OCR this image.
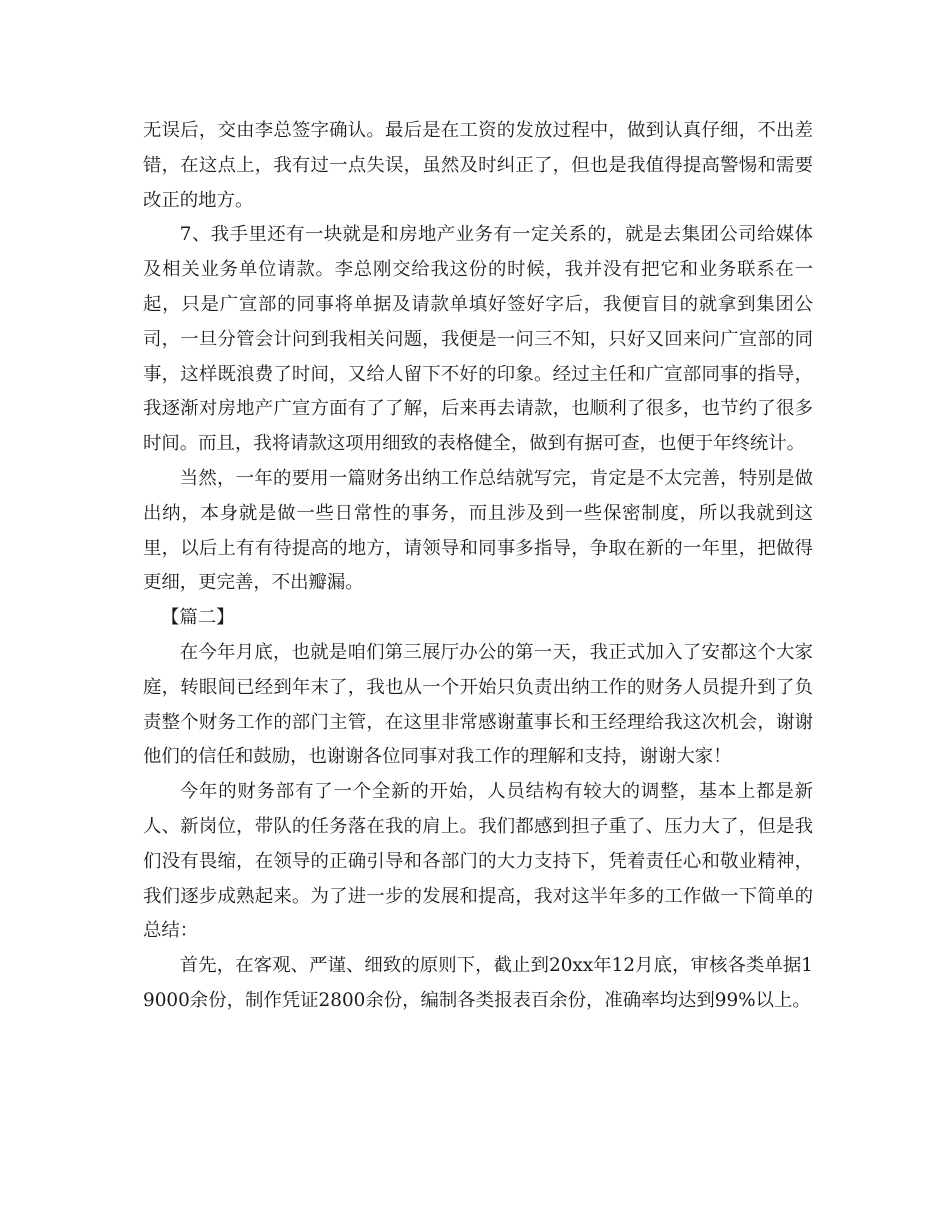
无误后，交由李总签字确认。最后是在工资的发放过程中，做到认真仔细，不出差错，在这点上，我有过一点失误，虽然及时纠正了，但也是我值得提高警惕和需要改正的地方。

7、我手里还有一块就是和房地产业务有一定关系的，就是去集团公司给媒体及相关业务单位请款。李总刚交给我这份的时候，我并没有把它和业务联系在一起，只是广宣部的同事将单据及请款单填好签好字后，我便盲目的就拿到集团公司，一旦分管会计问到我相关问题，我便是一问三不知，只好又回来问广宣部的同事，这样既浪费了时间，又给人留下不好的印象。经过主任和广宣部同事的指导，我逐渐对房地产广宣方面有了了解，后来再去请款，也顺利了很多，也节约了很多时间。而且，我将请款这项用细致的表格健全，做到有据可查，也便于年终统计。

当然，一年的要用一篇财务出纳工作总结就写完，肯定是不太完善，特别是做出纳，本身就是做一些日常性的事务，而且涉及到一些保密制度，所以我就到这里，以后上有有待提高的地方，请领导和同事多指导，争取在新的一年里，把做得更细，更完善，不出瓣漏。

【篇二】

在今年月底，也就是咱们第三展厅办公的第一天，我正式加入了安都这个大家庭，转眼间已经到年末了，我也从一个开始只负责出纳工作的财务人员提升到了负责整个财务工作的部门主管，在这里非常感谢董事长和王经理给我这次机会，谢谢他们的信任和鼓励，也谢谢各位同事对我工作的理解和支持，谢谢大家！

今年的财务部有了一个全新的开始，人员结构有较大的调整，基本上都是新人、新岗位，带队的任务落在我的肩上。我们都感到担子重了、压力大了，但是我们没有畏缩，在领导的正确引导和各部门的大力支持下，凭着责任心和敬业精神，我们逐步成熟起来。为了进一步的发展和提高，我对这半年多的工作做一下简单的总结：

首先，在客观、严谨、细致的原则下，截止到20xx年12月底，审核各类单据19000余份，制作凭证2800余份，编制各类报表百余份，准确率均达到99%以上。
